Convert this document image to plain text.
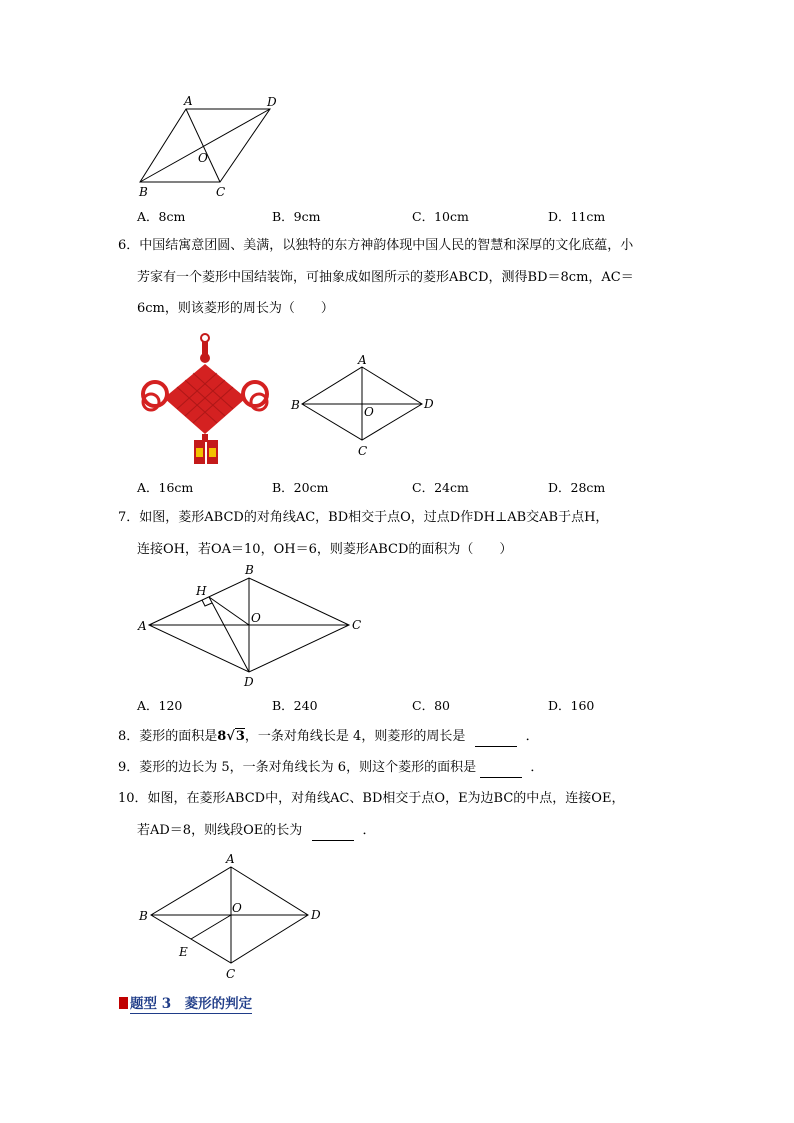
A	D
O
B	C
A．8cm	B．9cm	C．10cm	D．11cm
6．中国结寓意团圆、美满，以独特的东方神韵体现中国人民的智慧和深厚的文化底蕴，小
芳家有一个菱形中国结装饰，可抽象成如图所示的菱形ABCD，测得BD＝8cm，AC＝
6cm，则该菱形的周长为（　　）
A
B	O
D
C
A．16cm	B．20cm	C．24cm	D．28cm
7．如图，菱形ABCD的对角线AC，BD相交于点O，过点D作DH⊥AB交AB于点H，
连接OH，若OA＝10，OH＝6，则菱形ABCD的面积为（　　）
B
H
A
O	C
D
A．120	B．240	C．80	D．160
8．菱形的面积是8√3，一条对角线长是 4，则菱形的周长是	．
9．菱形的边长为 5，一条对角线长为 6，则这个菱形的面积是	．
10．如图，在菱形ABCD中，对角线AC、BD相交于点O，E为边BC的中点，连接OE，
若AD＝8，则线段OE的长为	．
A
B
O	D
E
C
题型 3　菱形的判定
